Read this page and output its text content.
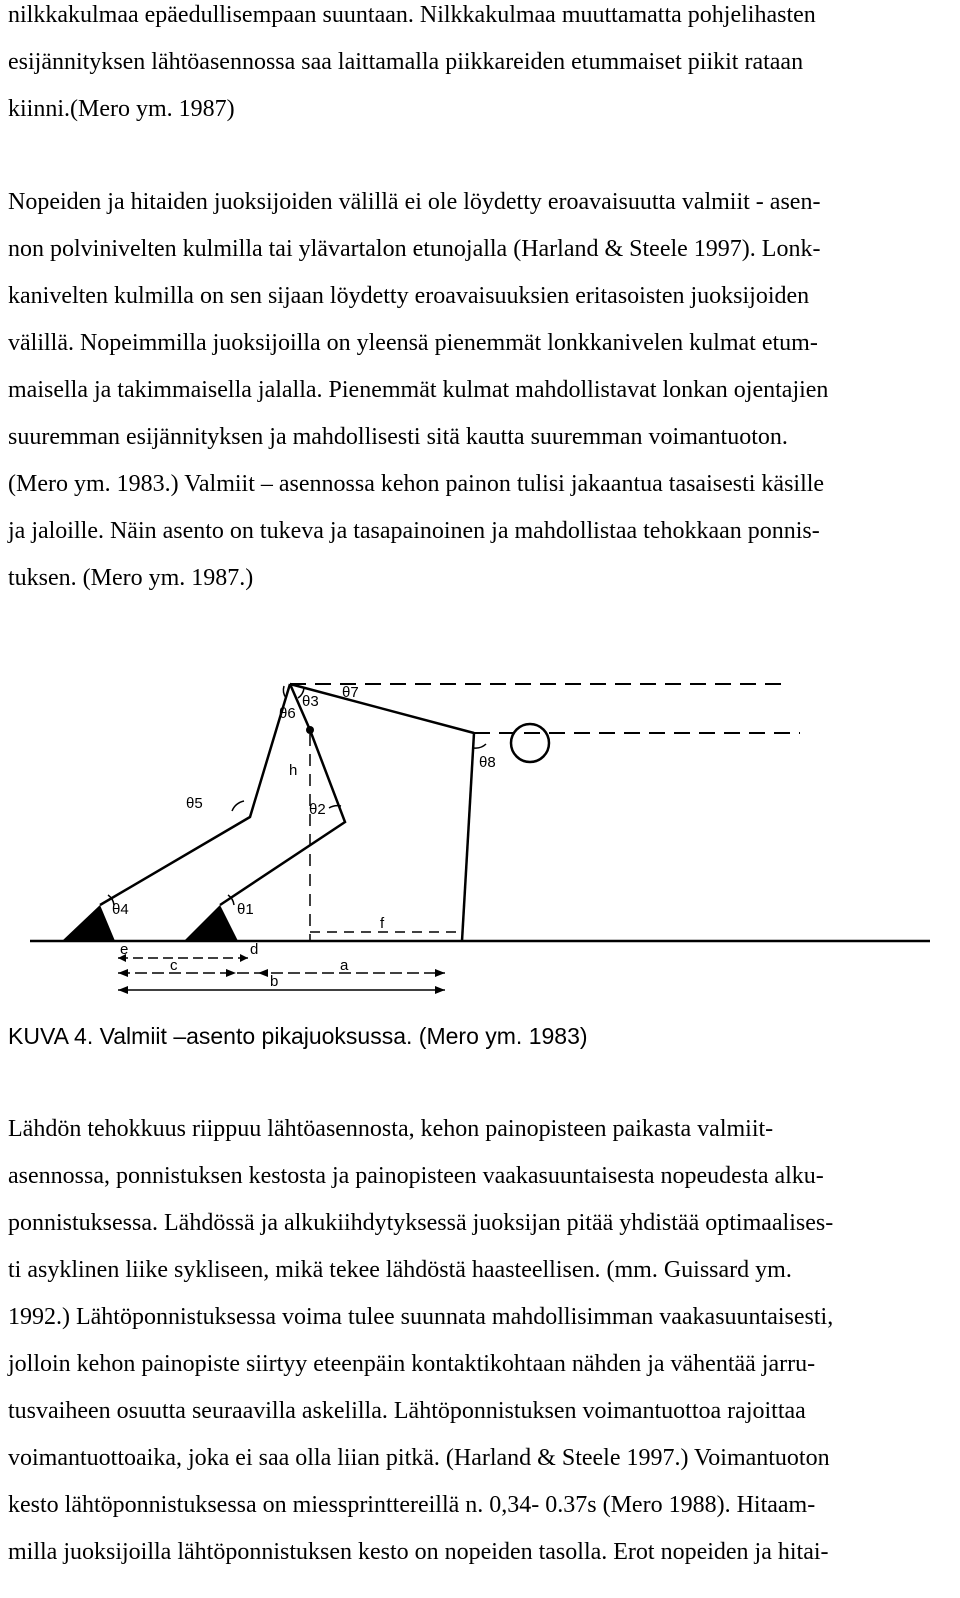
nilkkakulmaa epäedullisempaan suuntaan. Nilkkakulmaa muuttamatta pohjelihasten
esijännityksen lähtöasennossa saa laittamalla piikkareiden etummaiset piikit rataan
kiinni.(Mero ym. 1987)
Nopeiden ja hitaiden juoksijoiden välillä ei ole löydetty eroavaisuutta valmiit - asen-
non polvinivelten kulmilla tai ylävartalon etunojalla (Harland & Steele 1997). Lonk-
kanivelten kulmilla on sen sijaan löydetty eroavaisuuksien eritasoisten juoksijoiden
välillä. Nopeimmilla juoksijoilla on yleensä pienemmät lonkkanivelen kulmat etum-
maisella ja takimmaisella jalalla. Pienemmät kulmat mahdollistavat lonkan ojentajien
suuremman esijännityksen ja mahdollisesti sitä kautta suuremman voimantuoton.
(Mero ym. 1983.) Valmiit – asennossa kehon painon tulisi jakaantua tasaisesti käsille
ja jaloille. Näin asento on tukeva ja tasapainoinen ja mahdollistaa tehokkaan ponnis-
tuksen. (Mero ym. 1987.)
θ3
θ6
θ7
θ8
θ5	θ2
θ4	θ1
h
f
e	d
c	a
b
KUVA 4. Valmiit –asento pikajuoksussa. (Mero ym. 1983)
Lähdön tehokkuus riippuu lähtöasennosta, kehon painopisteen paikasta valmiit-
asennossa, ponnistuksen kestosta ja painopisteen vaakasuuntaisesta nopeudesta alku-
ponnistuksessa. Lähdössä ja alkukiihdytyksessä juoksijan pitää yhdistää optimaalises-
ti asyklinen liike sykliseen, mikä tekee lähdöstä haasteellisen. (mm. Guissard ym.
1992.) Lähtöponnistuksessa voima tulee suunnata mahdollisimman vaakasuuntaisesti,
jolloin kehon painopiste siirtyy eteenpäin kontaktikohtaan nähden ja vähentää jarru-
tusvaiheen osuutta seuraavilla askelilla. Lähtöponnistuksen voimantuottoa rajoittaa
voimantuottoaika, joka ei saa olla liian pitkä. (Harland & Steele 1997.) Voimantuoton
kesto lähtöponnistuksessa on miessprinttereillä n. 0,34- 0.37s (Mero 1988). Hitaam-
milla juoksijoilla lähtöponnistuksen kesto on nopeiden tasolla. Erot nopeiden ja hitai-
